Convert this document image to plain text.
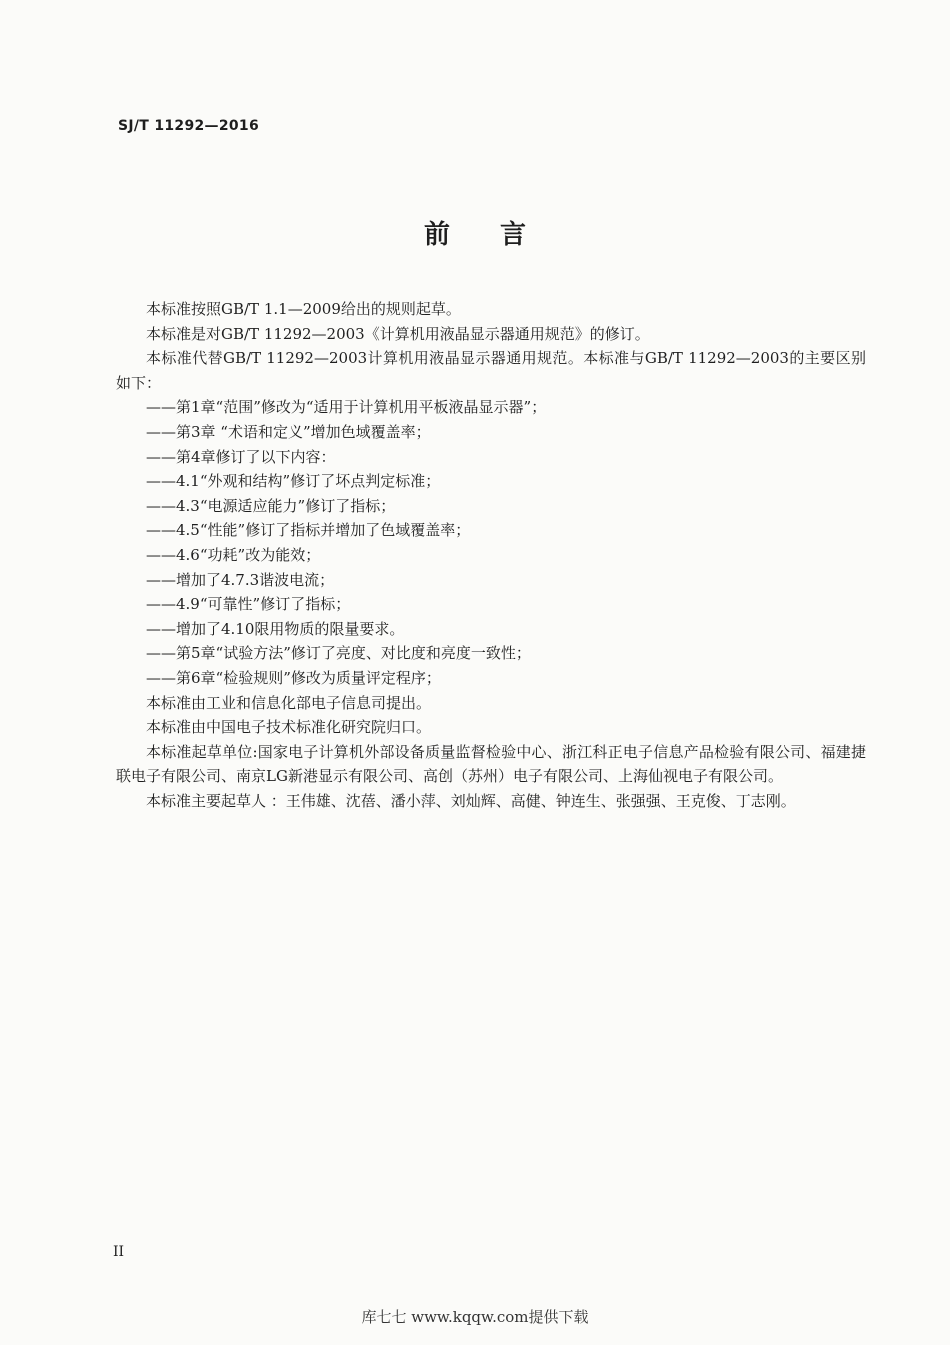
SJ/T 11292—2016
前 言

本标准按照GB/T 1.1—2009给出的规则起草。

本标准是对GB/T 11292—2003《计算机用液晶显示器通用规范》的修订。

本标准代替GB/T 11292—2003计算机用液晶显示器通用规范。本标准与GB/T 11292—2003的主要区别如下：

——第1章“范围”修改为“适用于计算机用平板液晶显示器”；

——第3章 “术语和定义”增加色域覆盖率；

——第4章修订了以下内容：

——4.1“外观和结构”修订了坏点判定标准；

——4.3“电源适应能力”修订了指标；

——4.5“性能”修订了指标并增加了色域覆盖率；

——4.6“功耗”改为能效；

——增加了4.7.3谐波电流；

——4.9“可靠性”修订了指标；

——增加了4.10限用物质的限量要求。

——第5章“试验方法”修订了亮度、对比度和亮度一致性；

——第6章“检验规则”修改为质量评定程序；

本标准由工业和信息化部电子信息司提出。

本标准由中国电子技术标准化研究院归口。

本标准起草单位:国家电子计算机外部设备质量监督检验中心、浙江科正电子信息产品检验有限公司、福建捷联电子有限公司、南京LG新港显示有限公司、高创（苏州）电子有限公司、上海仙视电子有限公司。

本标准主要起草人 ：王伟雄、沈蓓、潘小萍、刘灿辉、高健、钟连生、张强强、王克俊、丁志刚。

II
库七七 www.kqqw.com提供下载
